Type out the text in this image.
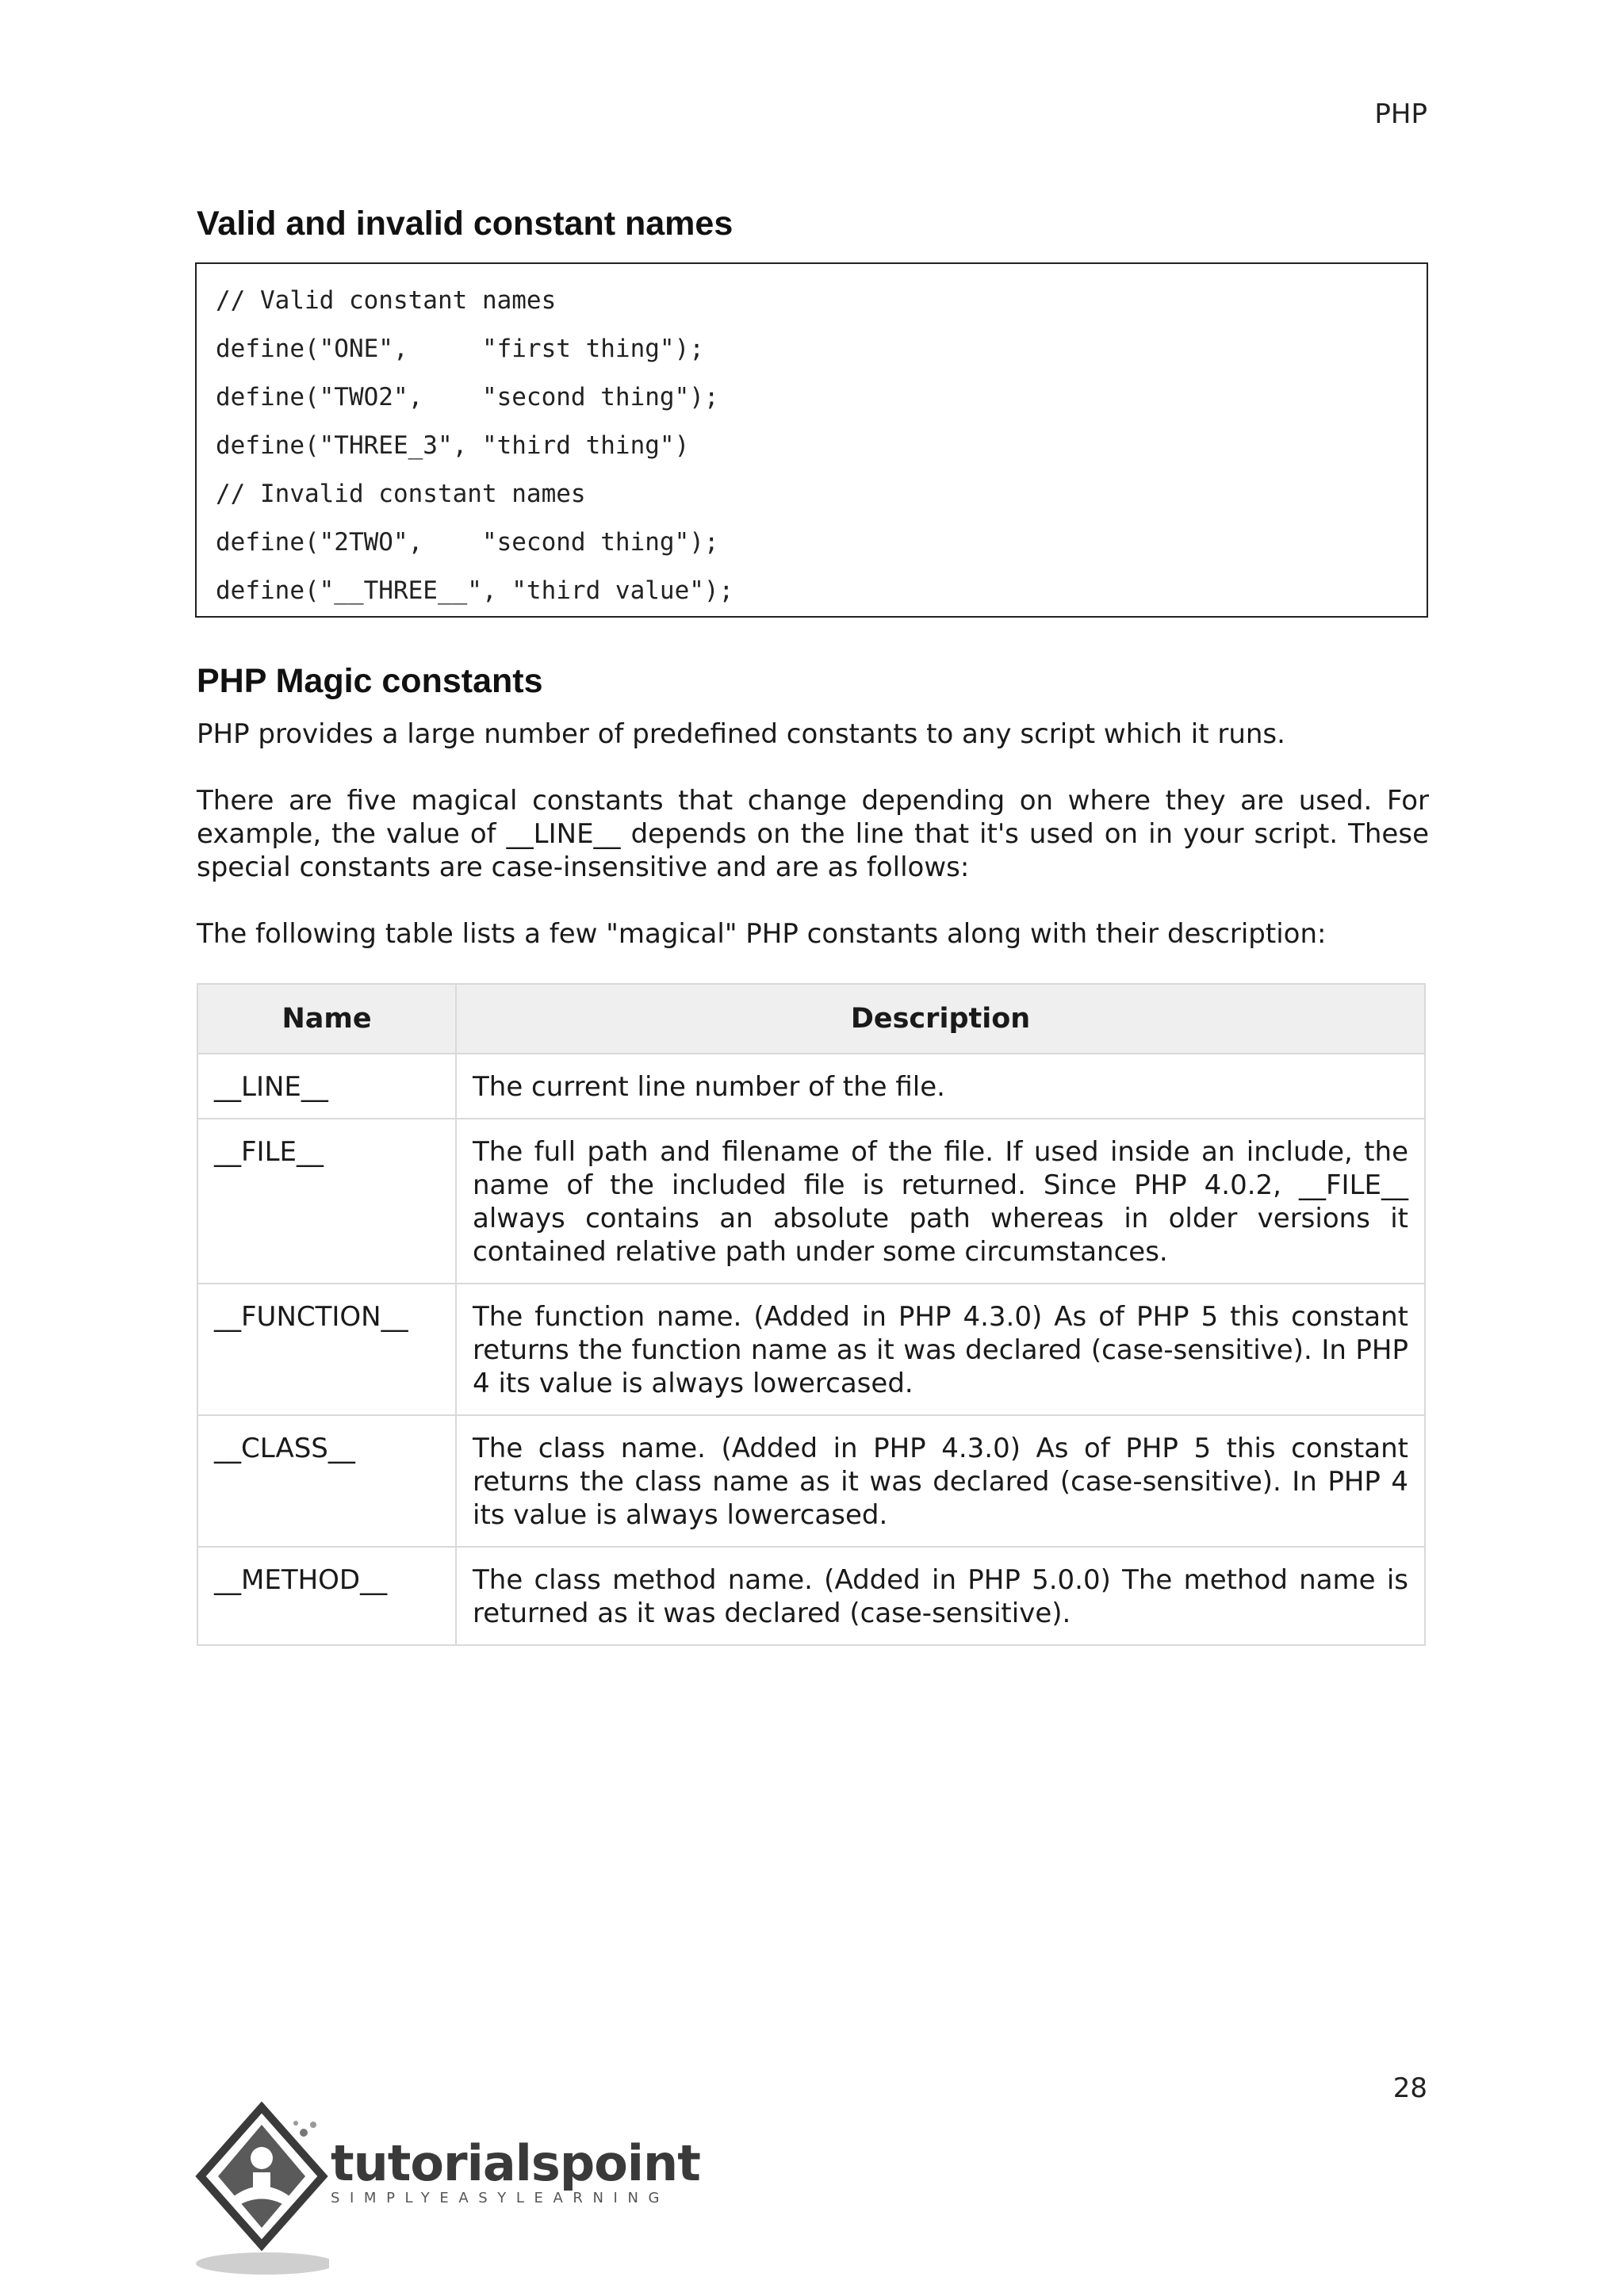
PHP
Valid and invalid constant names
// Valid constant names
define("ONE",     "first thing");
define("TWO2",    "second thing");
define("THREE_3", "third thing")
// Invalid constant names
define("2TWO",    "second thing");
define("__THREE__", "third value");
PHP Magic constants
PHP provides a large number of predefined constants to any script which it runs.
There are five magical constants that change depending on where they are used. For example, the value of __LINE__ depends on the line that it's used on in your script. These special constants are case-insensitive and are as follows:
The following table lists a few "magical" PHP constants along with their description:
Name	Description
__LINE__	The current line number of the file.
__FILE__	The full path and filename of the file. If used inside an include, the name of the included file is returned. Since PHP 4.0.2, __FILE__ always contains an absolute path whereas in older versions it contained relative path under some circumstances.
__FUNCTION__	The function name. (Added in PHP 4.3.0) As of PHP 5 this constant returns the function name as it was declared (case-sensitive). In PHP 4 its value is always lowercased.
__CLASS__	The class name. (Added in PHP 4.3.0) As of PHP 5 this constant returns the class name as it was declared (case-sensitive). In PHP 4 its value is always lowercased.
__METHOD__	The class method name. (Added in PHP 5.0.0) The method name is returned as it was declared (case-sensitive).
28
tutorialspoint
SIMPLYEASYLEARNING
